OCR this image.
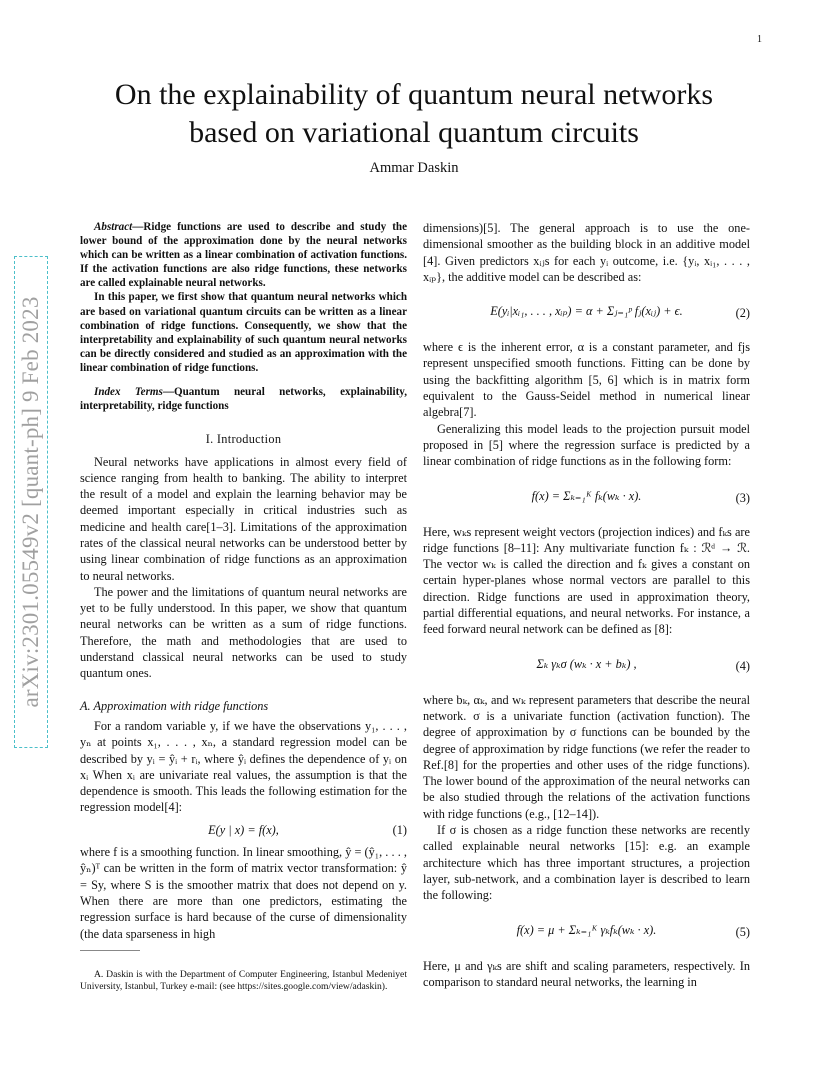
1
arXiv:2301.05549v2 [quant-ph] 9 Feb 2023
On the explainability of quantum neural networks
based on variational quantum circuits
Ammar Daskin

Abstract—Ridge functions are used to describe and study the lower bound of the approximation done by the neural networks which can be written as a linear combination of activation functions. If the activation functions are also ridge functions, these networks are called explainable neural networks.

In this paper, we first show that quantum neural networks which are based on variational quantum circuits can be written as a linear combination of ridge functions. Consequently, we show that the interpretability and explainability of such quantum neural networks can be directly considered and studied as an approximation with the linear combination of ridge functions.

Index Terms—Quantum neural networks, explainability, interpretability, ridge functions

I. Introduction

Neural networks have applications in almost every field of science ranging from health to banking. The ability to interpret the result of a model and explain the learning behavior may be deemed important especially in critical industries such as medicine and health care[1–3]. Limitations of the approximation rates of the classical neural networks can be understood better by using linear combination of ridge functions as an approximation to neural networks.

The power and the limitations of quantum neural networks are yet to be fully understood. In this paper, we show that quantum neural networks can be written as a sum of ridge functions. Therefore, the math and methodologies that are used to understand classical neural networks can be used to study quantum ones.

A. Approximation with ridge functions

For a random variable y, if we have the observations y₁, . . . , yₙ at points x₁, . . . , xₙ, a standard regression model can be described by yᵢ = ŷᵢ + rᵢ, where ŷᵢ defines the dependence of yᵢ on xᵢ When xᵢ are univariate real values, the assumption is that the dependence is smooth. This leads the following estimation for the regression model[4]:

E(y | x) = f(x),	(1)

where f is a smoothing function. In linear smoothing, ŷ = (ŷ₁, . . . , ŷₙ)ᵀ can be written in the form of matrix vector transformation: ŷ = Sy, where S is the smoother matrix that does not depend on y. When there are more than one predictors, estimating the regression surface is hard because of the curse of dimensionality (the data sparseness in high

A. Daskin is with the Department of Computer Engineering, Istanbul Medeniyet University, Istanbul, Turkey e-mail: (see https://sites.google.com/view/adaskin).

dimensions)[5]. The general approach is to use the one-dimensional smoother as the building block in an additive model [4]. Given predictors xᵢⱼs for each yᵢ outcome, i.e. {yᵢ, xᵢ₁, . . . , xᵢₚ}, the additive model can be described as:

E(yᵢ|xᵢ₁, . . . , xᵢₚ) = α + Σⱼ₌₁ᵖ fⱼ(xᵢⱼ) + ϵ.	(2)

where ϵ is the inherent error, α is a constant parameter, and fjs represent unspecified smooth functions. Fitting can be done by using the backfitting algorithm [5, 6] which is in matrix form equivalent to the Gauss-Seidel method in numerical linear algebra[7].

Generalizing this model leads to the projection pursuit model proposed in [5] where the regression surface is predicted by a linear combination of ridge functions as in the following form:

f(x) = Σₖ₌₁ᴷ fₖ(wₖ · x).	(3)

Here, wₖs represent weight vectors (projection indices) and fₖs are ridge functions [8–11]: Any multivariate function fₖ : ℛᵈ → ℛ. The vector wₖ is called the direction and fₖ gives a constant on certain hyper-planes whose normal vectors are parallel to this direction. Ridge functions are used in approximation theory, partial differential equations, and neural networks. For instance, a feed forward neural network can be defined as [8]:

Σₖ γₖσ (wₖ · x + bₖ) ,	(4)

where bₖ, αₖ, and wₖ represent parameters that describe the neural network. σ is a univariate function (activation function). The degree of approximation by σ functions can be bounded by the degree of approximation by ridge functions (we refer the reader to Ref.[8] for the properties and other uses of the ridge functions). The lower bound of the approximation of the neural networks can be also studied through the relations of the activation functions with ridge functions (e.g., [12–14]).

If σ is chosen as a ridge function these networks are recently called explainable neural networks [15]: e.g. an example architecture which has three important structures, a projection layer, sub-network, and a combination layer is described to learn the following:

f(x) = μ + Σₖ₌₁ᴷ γₖfₖ(wₖ · x).	(5)

Here, μ and γₖs are shift and scaling parameters, respectively. In comparison to standard neural networks, the learning in
